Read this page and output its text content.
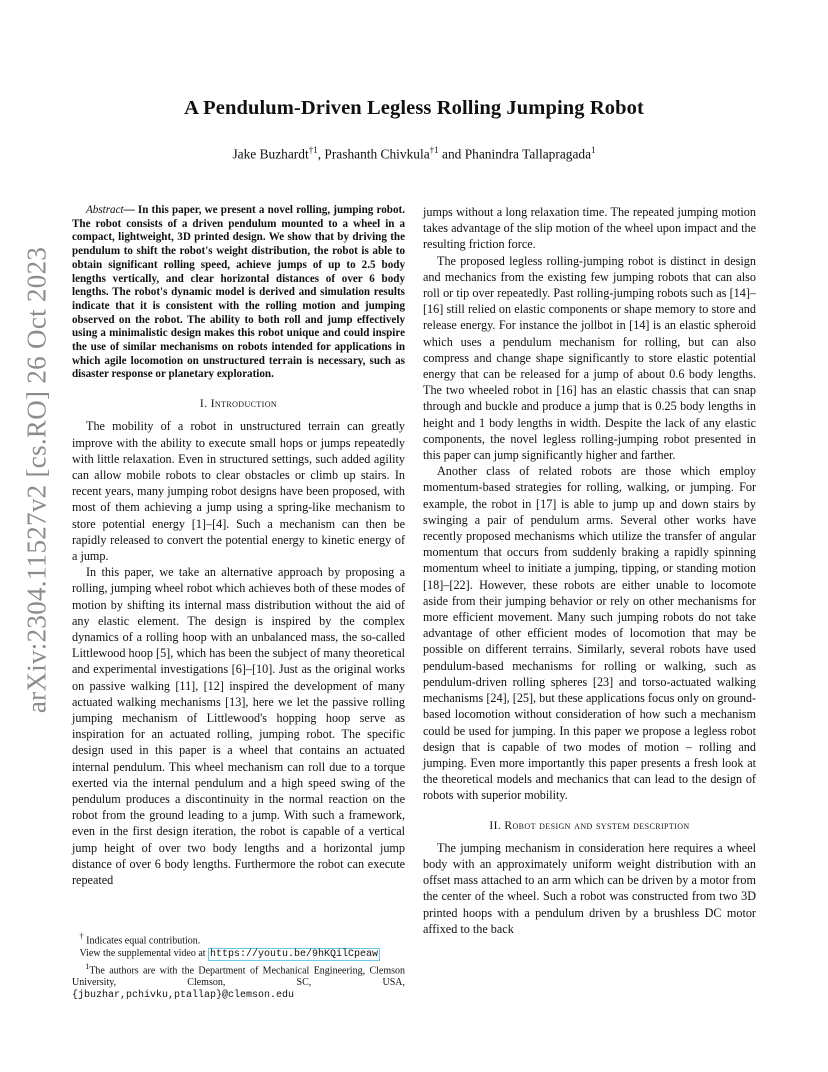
A Pendulum-Driven Legless Rolling Jumping Robot
Jake Buzhardt$^{\dagger 1}$, Prashanth Chivkula$^{\dagger 1}$ and Phanindra Tallapragada$^1$
arXiv:2304.11527v2 [cs.RO] 26 Oct 2023

Abstract— In this paper, we present a novel rolling, jumping robot. The robot consists of a driven pendulum mounted to a wheel in a compact, lightweight, 3D printed design. We show that by driving the pendulum to shift the robot's weight distribution, the robot is able to obtain significant rolling speed, achieve jumps of up to 2.5 body lengths vertically, and clear horizontal distances of over 6 body lengths. The robot's dynamic model is derived and simulation results indicate that it is consistent with the rolling motion and jumping observed on the robot. The ability to both roll and jump effectively using a minimalistic design makes this robot unique and could inspire the use of similar mechanisms on robots intended for applications in which agile locomotion on unstructured terrain is necessary, such as disaster response or planetary exploration.

I. Introduction

The mobility of a robot in unstructured terrain can greatly improve with the ability to execute small hops or jumps repeatedly with little relaxation. Even in structured settings, such added agility can allow mobile robots to clear obstacles or climb up stairs. In recent years, many jumping robot designs have been proposed, with most of them achieving a jump using a spring-like mechanism to store potential energy [1]–[4]. Such a mechanism can then be rapidly released to convert the potential energy to kinetic energy of a jump.

In this paper, we take an alternative approach by proposing a rolling, jumping wheel robot which achieves both of these modes of motion by shifting its internal mass distribution without the aid of any elastic element. The design is inspired by the complex dynamics of a rolling hoop with an unbalanced mass, the so-called Littlewood hoop [5], which has been the subject of many theoretical and experimental investigations [6]–[10]. Just as the original works on passive walking [11], [12] inspired the development of many actuated walking mechanisms [13], here we let the passive rolling jumping mechanism of Littlewood's hopping hoop serve as inspiration for an actuated rolling, jumping robot. The specific design used in this paper is a wheel that contains an actuated internal pendulum. This wheel mechanism can roll due to a torque exerted via the internal pendulum and a high speed swing of the pendulum produces a discontinuity in the normal reaction on the robot from the ground leading to a jump. With such a framework, even in the first design iteration, the robot is capable of a vertical jump height of over two body lengths and a horizontal jump distance of over 6 body lengths. Furthermore the robot can execute repeated

jumps without a long relaxation time. The repeated jumping motion takes advantage of the slip motion of the wheel upon impact and the resulting friction force.

The proposed legless rolling-jumping robot is distinct in design and mechanics from the existing few jumping robots that can also roll or tip over repeatedly. Past rolling-jumping robots such as [14]–[16] still relied on elastic components or shape memory to store and release energy. For instance the jollbot in [14] is an elastic spheroid which uses a pendulum mechanism for rolling, but can also compress and change shape significantly to store elastic potential energy that can be released for a jump of about 0.6 body lengths. The two wheeled robot in [16] has an elastic chassis that can snap through and buckle and produce a jump that is 0.25 body lengths in height and 1 body lengths in width. Despite the lack of any elastic components, the novel legless rolling-jumping robot presented in this paper can jump significantly higher and farther.

Another class of related robots are those which employ momentum-based strategies for rolling, walking, or jumping. For example, the robot in [17] is able to jump up and down stairs by swinging a pair of pendulum arms. Several other works have recently proposed mechanisms which utilize the transfer of angular momentum that occurs from suddenly braking a rapidly spinning momentum wheel to initiate a jumping, tipping, or standing motion [18]–[22]. However, these robots are either unable to locomote aside from their jumping behavior or rely on other mechanisms for more efficient movement. Many such jumping robots do not take advantage of other efficient modes of locomotion that may be possible on different terrains. Similarly, several robots have used pendulum-based mechanisms for rolling or walking, such as pendulum-driven rolling spheres [23] and torso-actuated walking mechanisms [24], [25], but these applications focus only on ground-based locomotion without consideration of how such a mechanism could be used for jumping. In this paper we propose a legless robot design that is capable of two modes of motion – rolling and jumping. Even more importantly this paper presents a fresh look at the theoretical models and mechanics that can lead to the design of robots with superior mobility.

II. Robot design and system description

The jumping mechanism in consideration here requires a wheel body with an approximately uniform weight distribution with an offset mass attached to an arm which can be driven by a motor from the center of the wheel. Such a robot was constructed from two 3D printed hoops with a pendulum driven by a brushless DC motor affixed to the back

† Indicates equal contribution.

View the supplemental video at https://youtu.be/9hKQilCpeaw

$^1$The authors are with the Department of Mechanical Engineering, Clemson University, Clemson, SC, USA,

{jbuzhar,pchivku,ptallap}@clemson.edu
